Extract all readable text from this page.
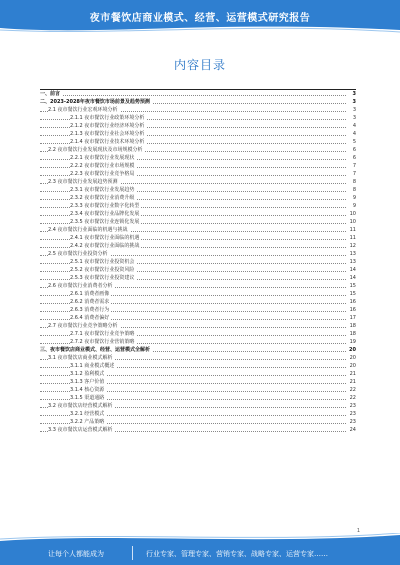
夜市餐饮店商业模式、经营、运营模式研究报告
内容目录
一、前言	3
二、2023-2028年夜市餐饮市场前景及趋势预测	3
2.1 夜市餐饮行业宏观环境分析	3
2.1.1 夜市餐饮行业政策环境分析	3
2.1.2 夜市餐饮行业经济环境分析	4
2.1.3 夜市餐饮行业社会环境分析	4
2.1.4 夜市餐饮行业技术环境分析	5
2.2 夜市餐饮行业发展现状及市场规模分析	6
2.2.1 夜市餐饮行业发展现状	6
2.2.2 夜市餐饮行业市场规模	7
2.2.3 夜市餐饮行业竞争格局	7
2.3 夜市餐饮行业发展趋势预测	8
2.3.1 夜市餐饮行业发展趋势	8
2.3.2 夜市餐饮行业消费升级	9
2.3.3 夜市餐饮行业数字化转型	9
2.3.4 夜市餐饮行业品牌化发展	10
2.3.5 夜市餐饮行业连锁化发展	10
2.4 夜市餐饮行业面临的机遇与挑战	11
2.4.1 夜市餐饮行业面临的机遇	11
2.4.2 夜市餐饮行业面临的挑战	12
2.5 夜市餐饮行业投资分析	13
2.5.1 夜市餐饮行业投资机会	13
2.5.2 夜市餐饮行业投资风险	14
2.5.3 夜市餐饮行业投资建议	14
2.6 夜市餐饮行业消费者分析	15
2.6.1 消费者画像	15
2.6.2 消费者需求	16
2.6.3 消费者行为	16
2.6.4 消费者偏好	17
2.7 夜市餐饮行业竞争策略分析	18
2.7.1 夜市餐饮行业竞争策略	18
2.7.2 夜市餐饮行业营销策略	19
三、夜市餐饮店商业模式、经营、运营模式全解析	20
3.1 夜市餐饮店商业模式解析	20
3.1.1 商业模式概述	20
3.1.2 盈利模式	21
3.1.3 客户价值	21
3.1.4 核心资源	22
3.1.5 渠道通路	22
3.2 夜市餐饮店经营模式解析	23
3.2.1 经营模式	23
3.2.2 产品策略	23
3.3 夜市餐饮店运营模式解析	24
1
让每个人都能成为	行业专家、管理专家、营销专家、战略专家、运营专家……
